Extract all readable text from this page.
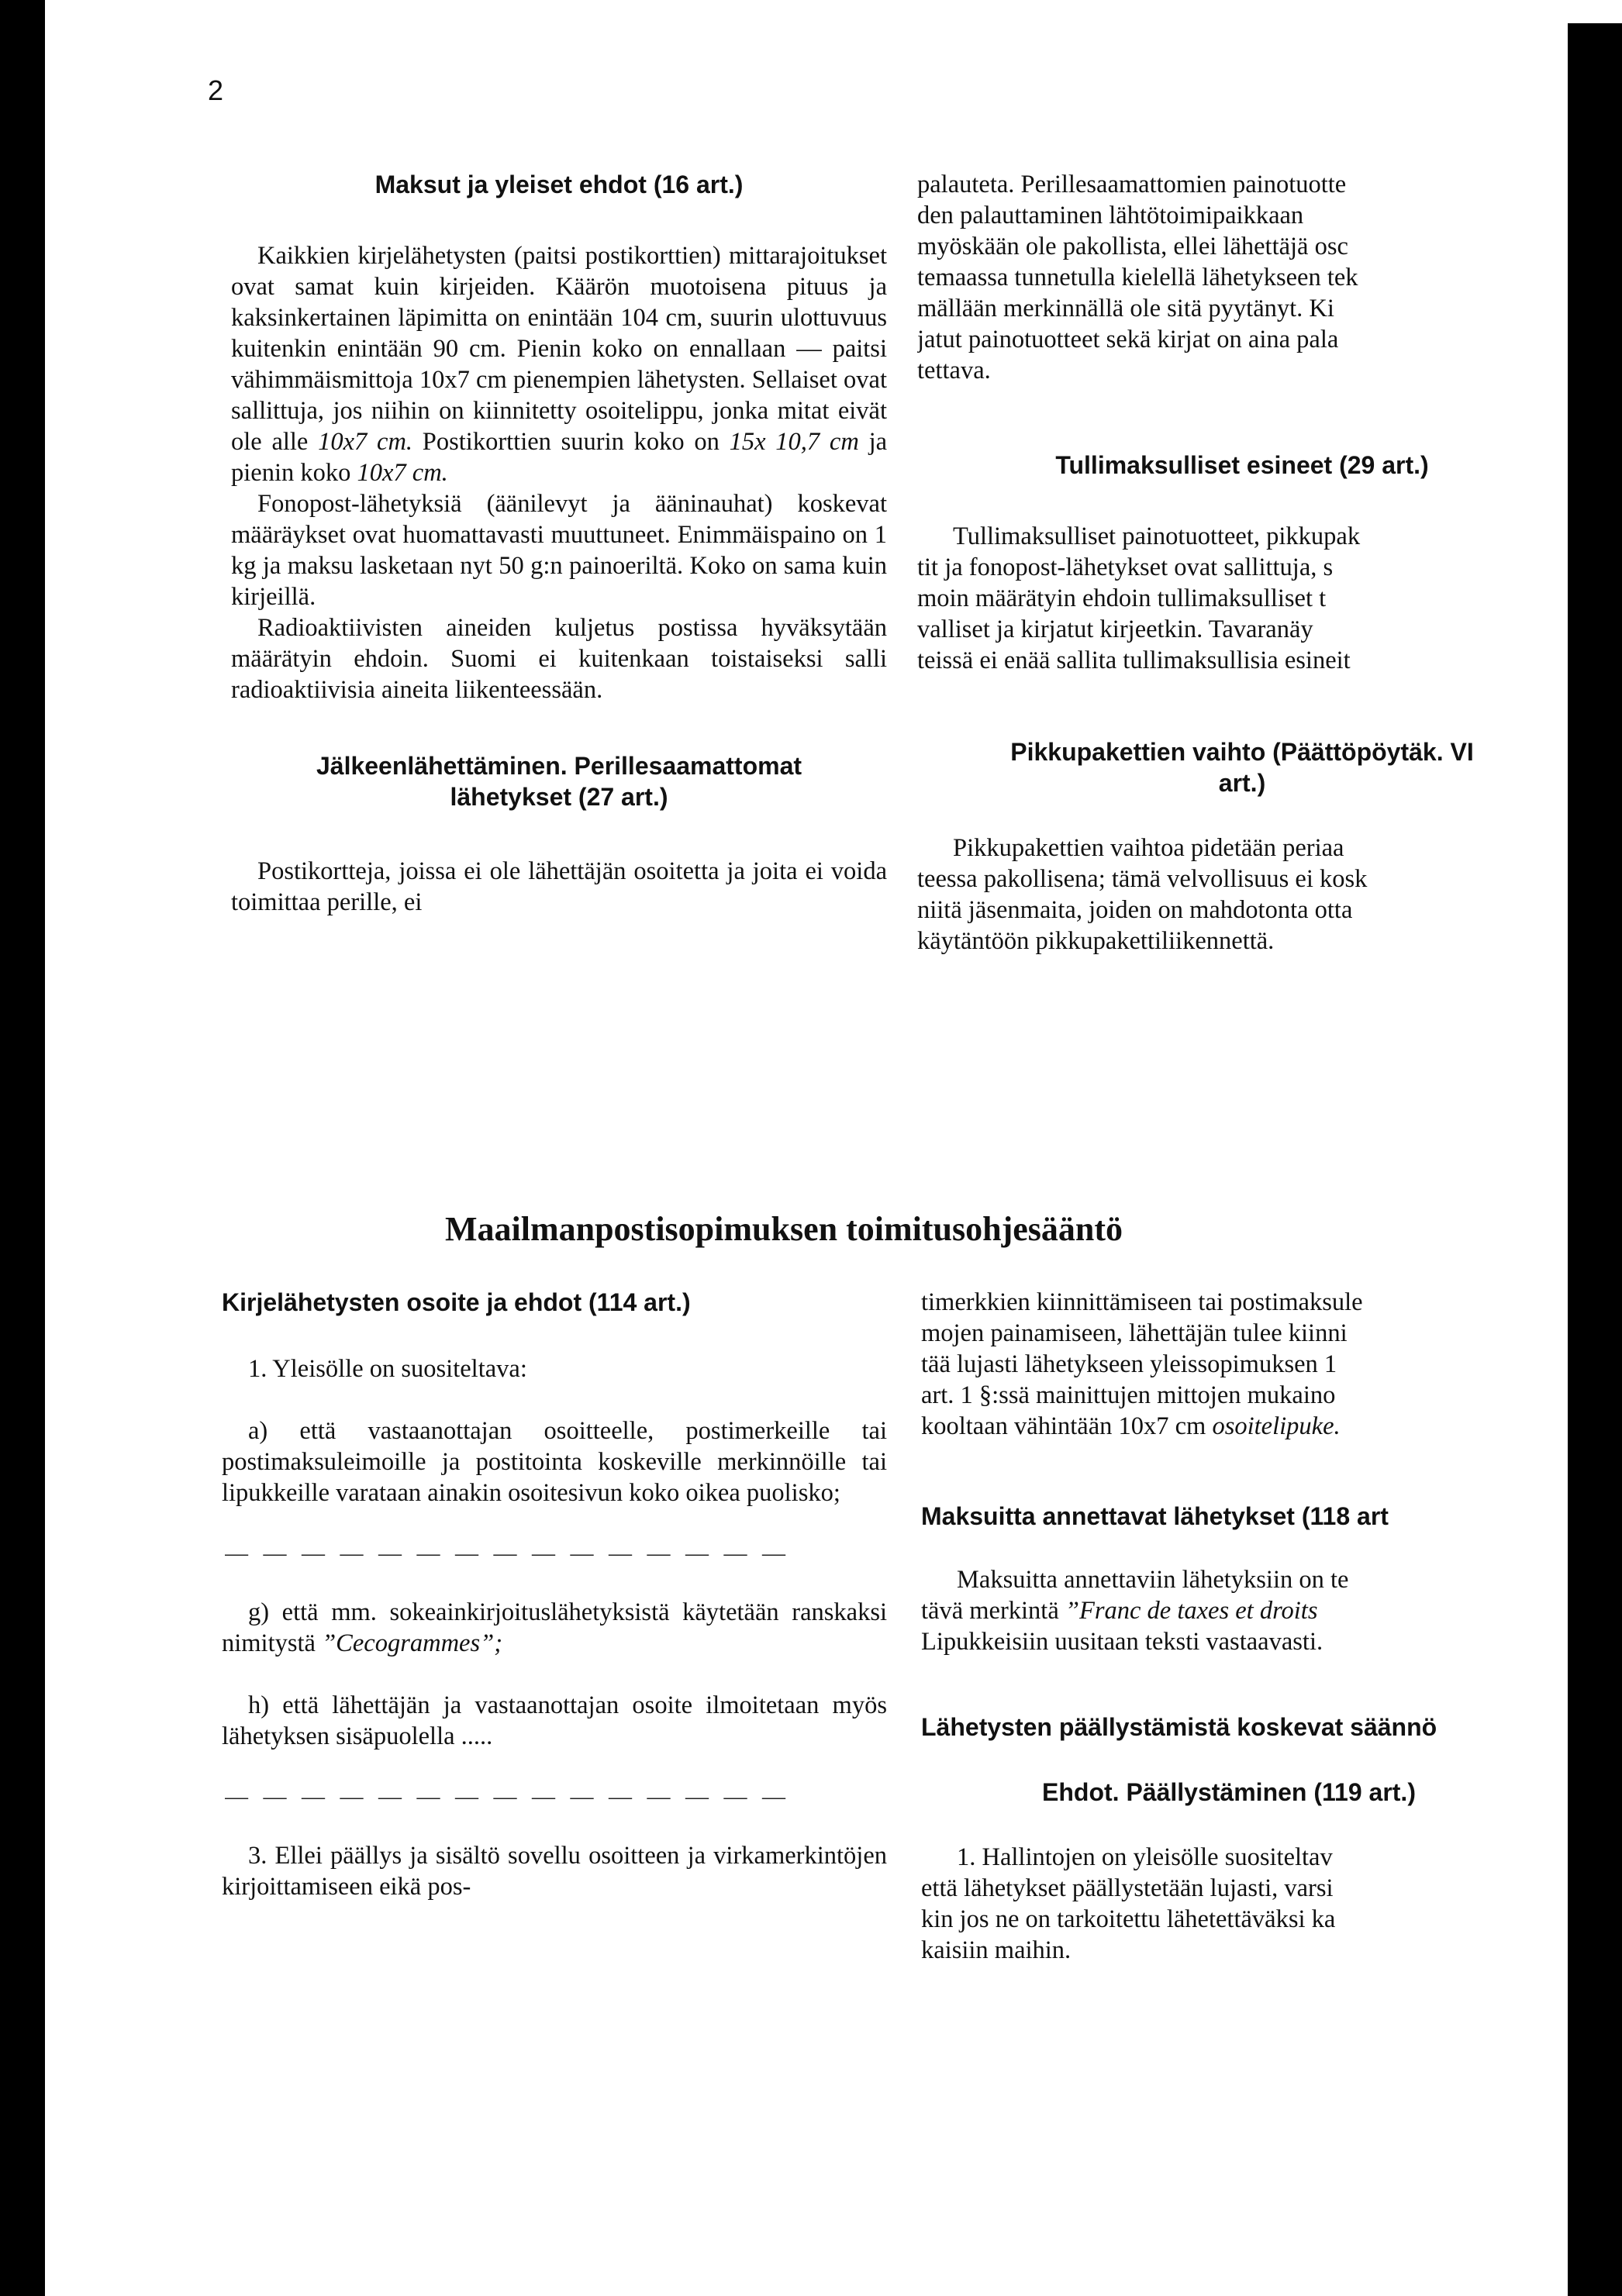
2
Maksut ja yleiset ehdot (16 art.)

Kaikkien kirjelähetysten (paitsi postikorttien) mittarajoitukset ovat samat kuin kirjeiden. Käärön muotoisena pituus ja kaksinkertainen läpimitta on enintään 104 cm, suurin ulottuvuus kuitenkin enintään 90 cm. Pienin koko on ennallaan — paitsi vähimmäismittoja 10x7 cm pienempien lähetysten. Sellaiset ovat sallittuja, jos niihin on kiinnitetty osoitelippu, jonka mitat eivät ole alle 10x7 cm. Postikorttien suurin koko on 15x 10,7 cm ja pienin koko 10x7 cm.

Fonopost-lähetyksiä (äänilevyt ja ääninauhat) koskevat määräykset ovat huomattavasti muuttuneet. Enimmäispaino on 1 kg ja maksu lasketaan nyt 50 g:n painoeriltä. Koko on sama kuin kirjeillä.

Radioaktiivisten aineiden kuljetus postissa hyväksytään määrätyin ehdoin. Suomi ei kuitenkaan toistaiseksi salli radioaktiivisia aineita liikenteessään.

Jälkeenlähettäminen. Perillesaamattomat lähetykset (27 art.)

Postikortteja, joissa ei ole lähettäjän osoitetta ja joita ei voida toimittaa perille, ei

palauteta. Perillesaamattomien painotuotte
den palauttaminen lähtötoimipaikkaan
myöskään ole pakollista, ellei lähettäjä osc
temaassa tunnetulla kielellä lähetykseen tek
mällään merkinnällä ole sitä pyytänyt. Ki
jatut painotuotteet sekä kirjat on aina pala
tettava.
Tullimaksulliset esineet (29 art.)
Tullimaksulliset painotuotteet, pikkupak
tit ja fonopost-lähetykset ovat sallittuja, s
moin määrätyin ehdoin tullimaksulliset t
valliset ja kirjatut kirjeetkin. Tavaranäy
teissä ei enää sallita tullimaksullisia esineit
Pikkupakettien vaihto (Päättöpöytäk. VI art.)
Pikkupakettien vaihtoa pidetään periaa
teessa pakollisena; tämä velvollisuus ei kosk
niitä jäsenmaita, joiden on mahdotonta otta
käytäntöön pikkupakettiliikennettä.
Maailmanpostisopimuksen toimitusohjesääntö
Kirjelähetysten osoite ja ehdot (114 art.)

1. Yleisölle on suositeltava:

a) että vastaanottajan osoitteelle, postimerkeille tai postimaksuleimoille ja postitointa koskeville merkinnöille tai lipukkeille varataan ainakin osoitesivun koko oikea puolisko;

— — — — — — — — — — — — — — —

g) että mm. sokeainkirjoituslähetyksistä käytetään ranskaksi nimitystä ”Cecogrammes”;

h) että lähettäjän ja vastaanottajan osoite ilmoitetaan myös lähetyksen sisäpuolella .....

— — — — — — — — — — — — — — —

3. Ellei päällys ja sisältö sovellu osoitteen ja virkamerkintöjen kirjoittamiseen eikä pos-

timerkkien kiinnittämiseen tai postimaksule
mojen painamiseen, lähettäjän tulee kiinni
tää lujasti lähetykseen yleissopimuksen 1
art. 1 §:ssä mainittujen mittojen mukaino
kooltaan vähintään 10x7 cm osoitelipuke.
Maksuitta annettavat lähetykset (118 art
Maksuitta annettaviin lähetyksiin on te
tävä merkintä ”Franc de taxes et droits
Lipukkeisiin uusitaan teksti vastaavasti.
Lähetysten päällystämistä koskevat säännö
Ehdot. Päällystäminen (119 art.)
1. Hallintojen on yleisölle suositeltav
että lähetykset päällystetään lujasti, varsi
kin jos ne on tarkoitettu lähetettäväksi ka
kaisiin maihin.
